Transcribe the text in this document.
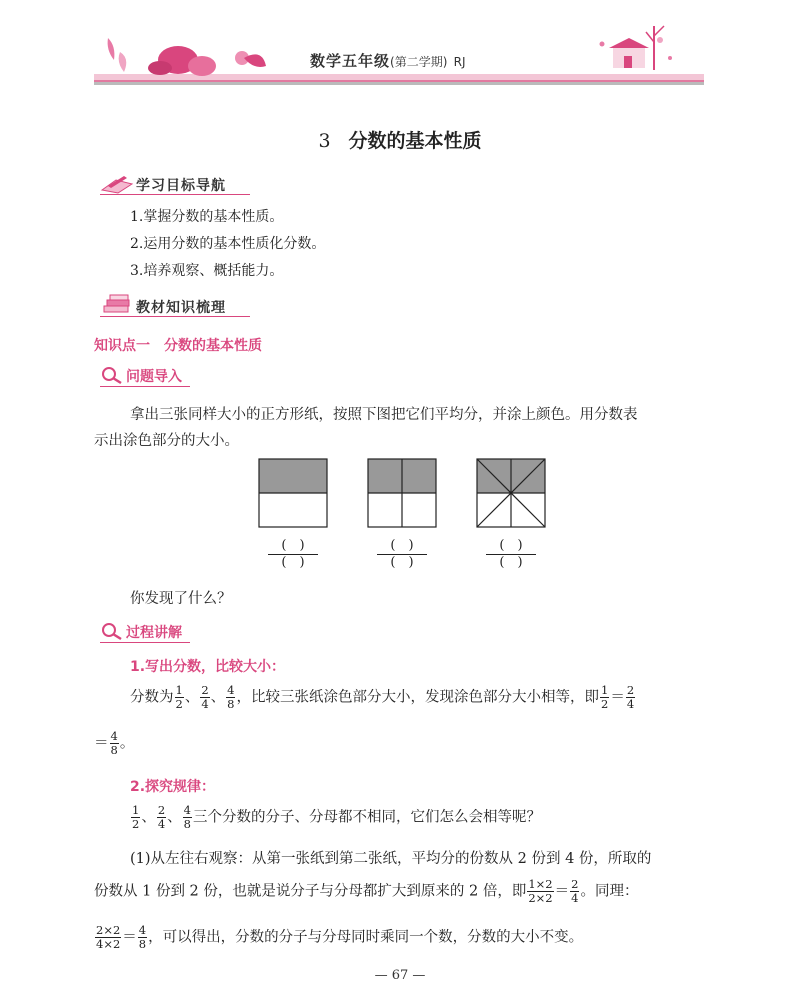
数学五年级(第二学期) RJ
3 分数的基本性质
学习目标导航
1.掌握分数的基本性质。
2.运用分数的基本性质化分数。
3.培养观察、概括能力。
教材知识梳理
知识点一　分数的基本性质
问题导入
拿出三张同样大小的正方形纸，按照下图把它们平均分，并涂上颜色。用分数表
示出涂色部分的大小。
(　)
(　)
(　)
(　)
(　)
(　)
你发现了什么？
过程讲解
1.写出分数，比较大小：
分数为 $\frac{1}{2}$ 、 $\frac{2}{4}$ 、 $\frac{4}{8}$ ，比较三张纸涂色部分大小，发现涂色部分大小相等，即 $\frac{1}{2} = \frac{2}{4}$
＝ $\frac{4}{8}$ 。
2.探究规律：
$\frac{1}{2}$ 、 $\frac{2}{4}$ 、 $\frac{4}{8}$ 三个分数的分子、分母都不相同，它们怎么会相等呢？
(1)从左往右观察：从第一张纸到第二张纸，平均分的份数从 2 份到 4 份，所取的
份数从 1 份到 2 份，也就是说分子与分母都扩大到原来的 2 倍，即 $\frac{1\times 2}{2\times 2} = \frac{2}{4}$ 。同理：
$\frac{2\times 2}{4\times 2} = \frac{4}{8}$ ，可以得出，分数的分子与分母同时乘同一个数，分数的大小不变。
— 67 —
